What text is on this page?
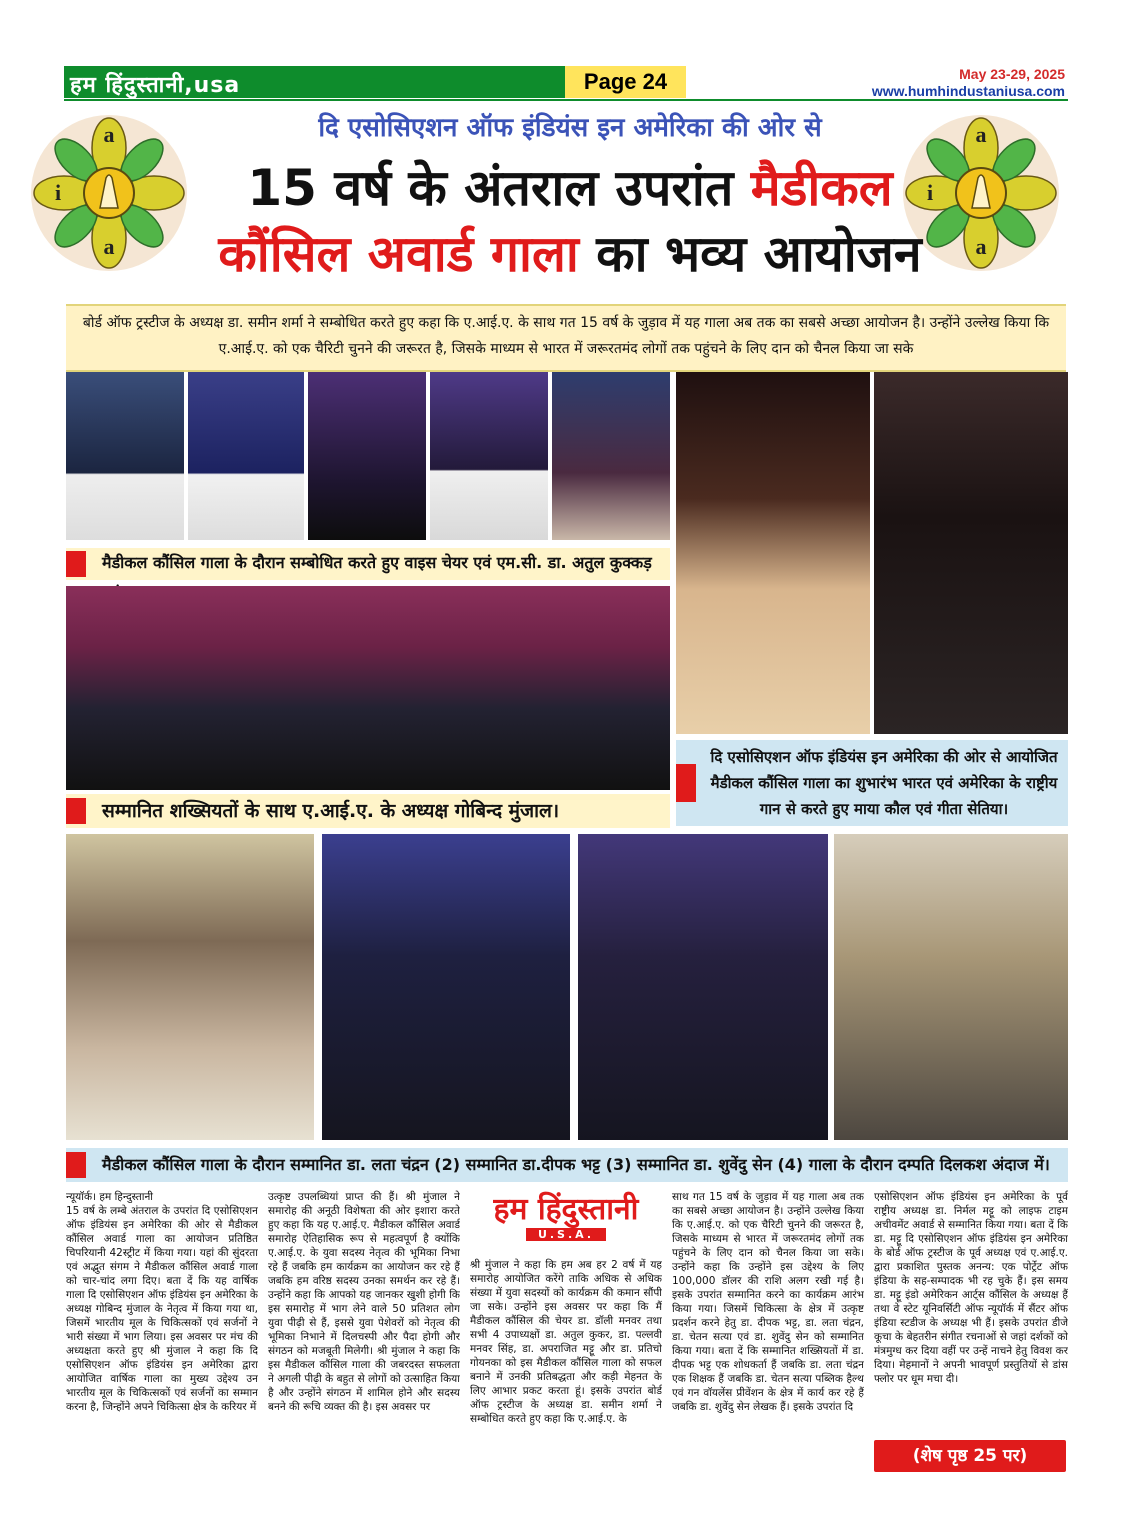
हम हिंदुस्तानी,usa	Page 24	May 23-29, 2025
www.humhindustaniusa.com
a
i
a
a
i
a
दि एसोसिएशन ऑफ इंडियंस इन अमेरिका की ओर से
15 वर्ष के अंतराल उपरांत मैडीकल
कौंसिल अवार्ड गाला का भव्य आयोजन
बोर्ड ऑफ ट्रस्टीज के अध्यक्ष डा. समीन शर्मा ने सम्बोधित करते हुए कहा कि ए.आई.ए. के साथ गत 15 वर्ष के जुड़ाव में यह गाला अब तक का सबसे अच्छा आयोजन है। उन्होंने उल्लेख किया कि ए.आई.ए. को एक चैरिटी चुनने की जरूरत है, जिसके माध्यम से भारत में जरूरतमंद लोगों तक पहुंचने के लिए दान को चैनल किया जा सके
मैडीकल कौंसिल गाला के दौरान सम्बोधित करते हुए वाइस चेयर एवं एम.सी. डा. अतुल कुक्कड़
सम्मानित शख्सियतों के साथ ए.आई.ए. के अध्यक्ष गोबिन्द मुंजाल।
दि एसोसिएशन ऑफ इंडियंस इन अमेरिका की ओर से आयोजित मैडीकल कौंसिल गाला का शुभारंभ भारत एवं अमेरिका के राष्ट्रीय गान से करते हुए माया कौल एवं गीता सेतिया।
मैडीकल कौंसिल गाला के दौरान सम्मानित डा. लता चंद्रन (2) सम्मानित डा.दीपक भट्ट (3) सम्मानित डा. शुवेंदु सेन (4) गाला के दौरान दम्पति दिलकश अंदाज में।
न्यूयॉर्क। हम हिन्दुस्तानी
15 वर्ष के लम्बे अंतराल के उपरांत दि एसोसिएशन ऑफ इंडियंस इन अमेरिका की ओर से मैडीकल कौंसिल अवार्ड गाला का आयोजन प्रतिष्ठित चिपरियानी 42स्ट्रीट में किया गया। यहां की सुंदरता एवं अद्भुत संगम ने मैडीकल कौंसिल अवार्ड गाला को चार-चांद लगा दिए। बता दें कि यह वार्षिक गाला दि एसोसिएशन ऑफ इंडियंस इन अमेरिका के अध्यक्ष गोबिन्द मुंजाल के नेतृत्व में किया गया था, जिसमें भारतीय मूल के चिकित्सकों एवं सर्जनों ने भारी संख्या में भाग लिया। इस अवसर पर मंच की अध्यक्षता करते हुए श्री मुंजाल ने कहा कि दि एसोसिएशन ऑफ इंडियंस इन अमेरिका द्वारा आयोजित वार्षिक गाला का मुख्य उद्देश्य उन भारतीय मूल के चिकित्सकों एवं सर्जनों का सम्मान करना है, जिन्होंने अपने चिकित्सा क्षेत्र के करियर में
उत्कृष्ट उपलब्धियां प्राप्त की हैं। श्री मुंजाल ने समारोह की अनूठी विशेषता की ओर इशारा करते हुए कहा कि यह ए.आई.ए. मैडीकल कौंसिल अवार्ड समारोह ऐतिहासिक रूप से महत्वपूर्ण है क्योंकि ए.आई.ए. के युवा सदस्य नेतृत्व की भूमिका निभा रहे हैं जबकि हम कार्यक्रम का आयोजन कर रहे हैं जबकि हम वरिष्ठ सदस्य उनका समर्थन कर रहे हैं। उन्होंने कहा कि आपको यह जानकर खुशी होगी कि इस समारोह में भाग लेने वाले 50 प्रतिशत लोग युवा पीढ़ी से हैं, इससे युवा पेशेवरों को नेतृत्व की भूमिका निभाने में दिलचस्पी और पैदा होगी और संगठन को मजबूती मिलेगी। श्री मुंजाल ने कहा कि इस मैडीकल कौंसिल गाला की जबरदस्त सफलता ने अगली पीढ़ी के बहुत से लोगों को उत्साहित किया है और उन्होंने संगठन में शामिल होने और सदस्य बनने की रूचि व्यक्त की है। इस अवसर पर
हम हिंदुस्तानी
U.S.A.
श्री मुंजाल ने कहा कि हम अब हर 2 वर्ष में यह समारोह आयोजित करेंगे ताकि अधिक से अधिक संख्या में युवा सदस्यों को कार्यक्रम की कमान सौंपी जा सके। उन्होंने इस अवसर पर कहा कि मैं मैडीकल कौंसिल की चेयर डा. डॉली मनवर तथा सभी 4 उपाध्यक्षों डा. अतुल कुकर, डा. पल्लवी मनवर सिंह, डा. अपराजित मट्टू और डा. प्रतिचो गोयनका को इस मैडीकल कौंसिल गाला को सफल बनाने में उनकी प्रतिबद्धता और कड़ी मेहनत के लिए आभार प्रकट करता हूं। इसके उपरांत बोर्ड ऑफ ट्रस्टीज के अध्यक्ष डा. समीन शर्मा ने सम्बोधित करते हुए कहा कि ए.आई.ए. के
साथ गत 15 वर्ष के जुड़ाव में यह गाला अब तक का सबसे अच्छा आयोजन है। उन्होंने उल्लेख किया कि ए.आई.ए. को एक चैरिटी चुनने की जरूरत है, जिसके माध्यम से भारत में जरूरतमंद लोगों तक पहुंचने के लिए दान को चैनल किया जा सके। उन्होंने कहा कि उन्होंने इस उद्देश्य के लिए 100,000 डॉलर की राशि अलग रखी गई है। इसके उपरांत सम्मानित करने का कार्यक्रम आरंभ किया गया। जिसमें चिकित्सा के क्षेत्र में उत्कृष्ट प्रदर्शन करने हेतु डा. दीपक भट्ट, डा. लता चंद्रन, डा. चेतन सत्या एवं डा. शुवेंदु सेन को सम्मानित किया गया। बता दें कि सम्मानित शख्सियतों में डा. दीपक भट्ट एक शोधकर्ता हैं जबकि डा. लता चंद्रन एक शिक्षक हैं जबकि डा. चेतन सत्या पब्लिक हैल्थ एवं गन वॉयलेंस प्रीवेंशन के क्षेत्र में कार्य कर रहे हैं जबकि डा. शुवेंदु सेन लेखक हैं। इसके उपरांत दि
एसोसिएशन ऑफ इंडियंस इन अमेरिका के पूर्व राष्ट्रीय अध्यक्ष डा. निर्मल मट्टू को लाइफ टाइम अचीवमेंट अवार्ड से सम्मानित किया गया। बता दें कि डा. मट्टू दि एसोसिएशन ऑफ इंडियंस इन अमेरिका के बोर्ड ऑफ ट्रस्टीज के पूर्व अध्यक्ष एवं ए.आई.ए. द्वारा प्रकाशित पुस्तक अनन्य: एक पोर्ट्रेट ऑफ इंडिया के सह-सम्पादक भी रह चुके हैं। इस समय डा. मट्टू इंडो अमेरिकन आर्ट्स कौंसिल के अध्यक्ष हैं तथा वे स्टेट यूनिवर्सिटी ऑफ न्यूयॉर्क में सैंटर ऑफ इंडिया स्टडीज के अध्यक्ष भी हैं। इसके उपरांत डीजे कूचा के बेहतरीन संगीत रचनाओं से जहां दर्शकों को मंत्रमुग्ध कर दिया वहीं पर उन्हें नाचने हेतु विवश कर दिया। मेहमानों ने अपनी भावपूर्ण प्रस्तुतियों से डांस फ्लोर पर धूम मचा दी।
(शेष पृष्ठ 25 पर)
